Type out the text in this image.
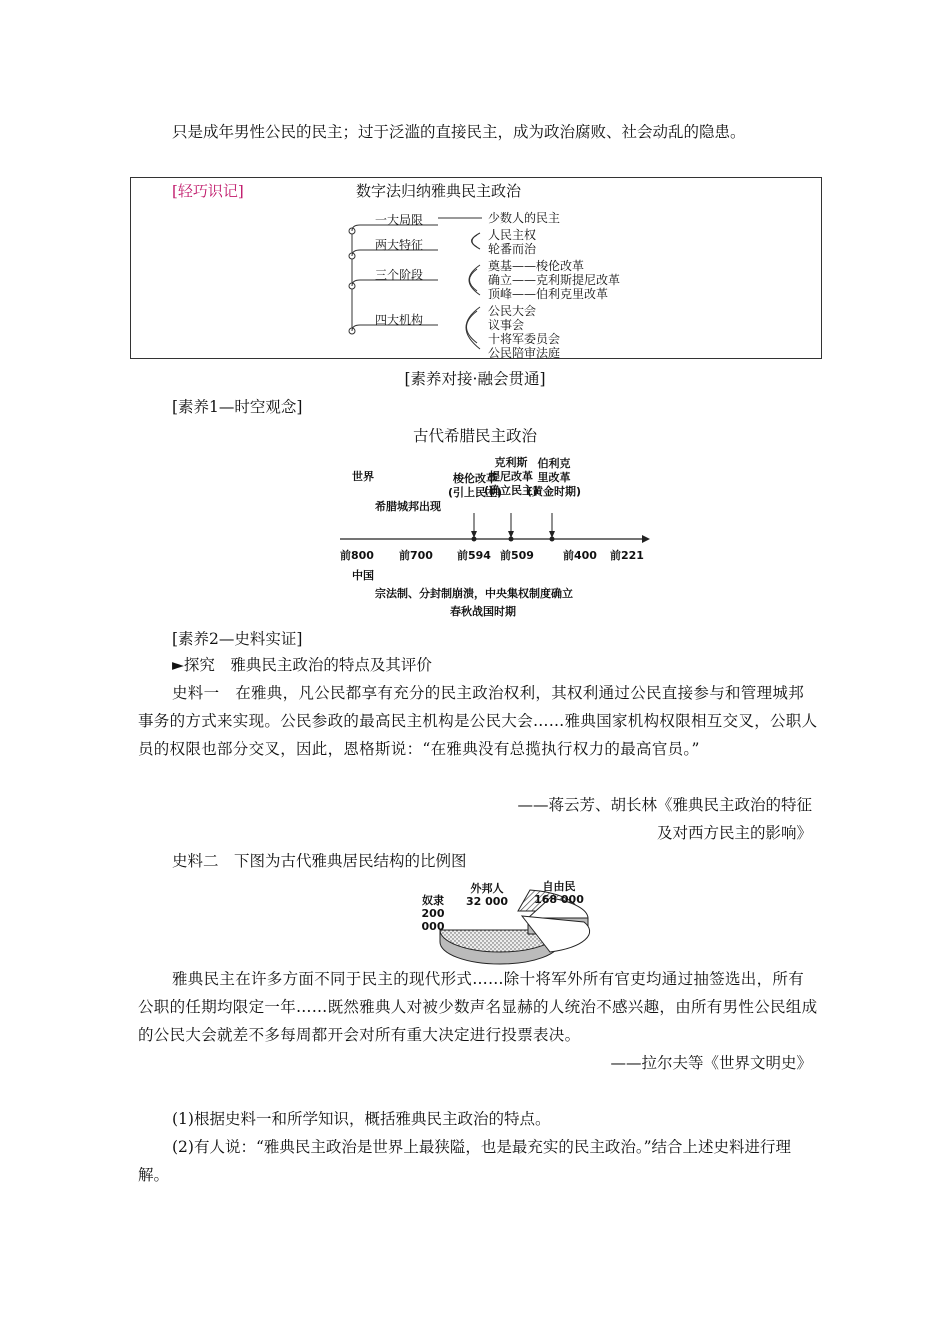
只是成年男性公民的民主；过于泛滥的直接民主，成为政治腐败、社会动乱的隐患。
[轻巧识记]	数字法归纳雅典民主政治
一大局限
两大特征
三个阶段
四大机构
少数人的民主
人民主权
轮番而治
奠基——梭伦改革
确立——克利斯提尼改革
顶峰——伯利克里改革
公民大会
议事会
十将军委员会
公民陪审法庭
[素养对接·融会贯通]
[素养1—时空观念]
古代希腊民主政治
世界
希腊城邦出现
梭伦改革
(引上民主)
克利斯
提尼改革
(确立民主)
伯利克
里改革
(黄金时期)
前800 前700 前594 前509	前400 前221
中国
宗法制、分封制崩溃，中央集权制度确立
春秋战国时期
[素养2—史料实证]
►探究　雅典民主政治的特点及其评价
史料一　在雅典，凡公民都享有充分的民主政治权利，其权利通过公民直接参与和管理城邦事务的方式来实现。公民参政的最高民主机构是公民大会……雅典国家机构权限相互交叉，公职人员的权限也部分交叉，因此，恩格斯说：“在雅典没有总揽执行权力的最高官员。”
——蒋云芳、胡长林《雅典民主政治的特征
及对西方民主的影响》
史料二　下图为古代雅典居民结构的比例图
奴隶
200 000
外邦人
32 000
自由民
168 000
雅典民主在许多方面不同于民主的现代形式……除十将军外所有官吏均通过抽签选出，所有公职的任期均限定一年……既然雅典人对被少数声名显赫的人统治不感兴趣，由所有男性公民组成的公民大会就差不多每周都开会对所有重大决定进行投票表决。
——拉尔夫等《世界文明史》
(1)根据史料一和所学知识，概括雅典民主政治的特点。
(2)有人说：“雅典民主政治是世界上最狭隘，也是最充实的民主政治。”结合上述史料进行理解。
